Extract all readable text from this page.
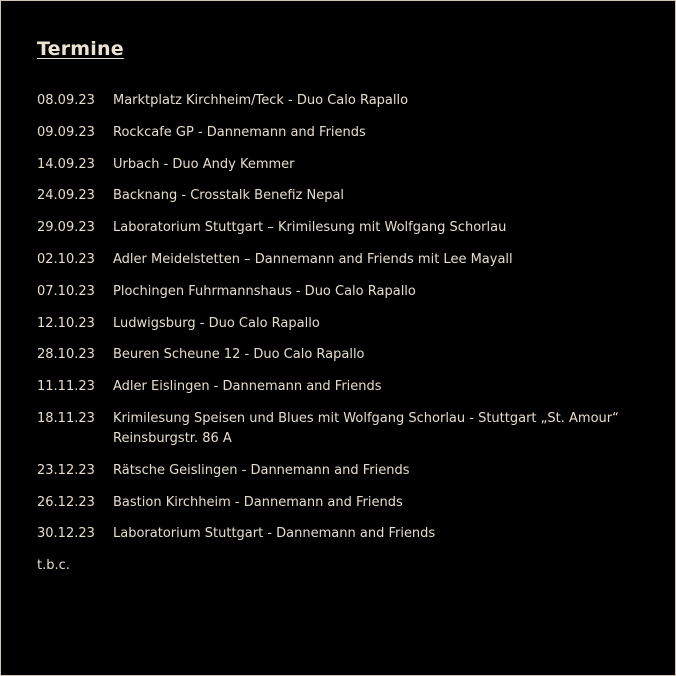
Termine
08.09.23	Marktplatz Kirchheim/Teck - Duo Calo Rapallo
09.09.23	Rockcafe GP - Dannemann and Friends
14.09.23	Urbach - Duo Andy Kemmer
24.09.23	Backnang - Crosstalk Benefiz Nepal
29.09.23	Laboratorium Stuttgart – Krimilesung mit Wolfgang Schorlau
02.10.23	Adler Meidelstetten – Dannemann and Friends mit Lee Mayall
07.10.23	Plochingen Fuhrmannshaus - Duo Calo Rapallo
12.10.23	Ludwigsburg - Duo Calo Rapallo
28.10.23	Beuren Scheune 12 - Duo Calo Rapallo
11.11.23	Adler Eislingen - Dannemann and Friends
18.11.23	Krimilesung Speisen und Blues mit Wolfgang Schorlau - Stuttgart „St. Amour“ Reinsburgstr. 86 A
23.12.23	Rätsche Geislingen - Dannemann and Friends
26.12.23	Bastion Kirchheim - Dannemann and Friends
30.12.23	Laboratorium Stuttgart - Dannemann and Friends
t.b.c.
